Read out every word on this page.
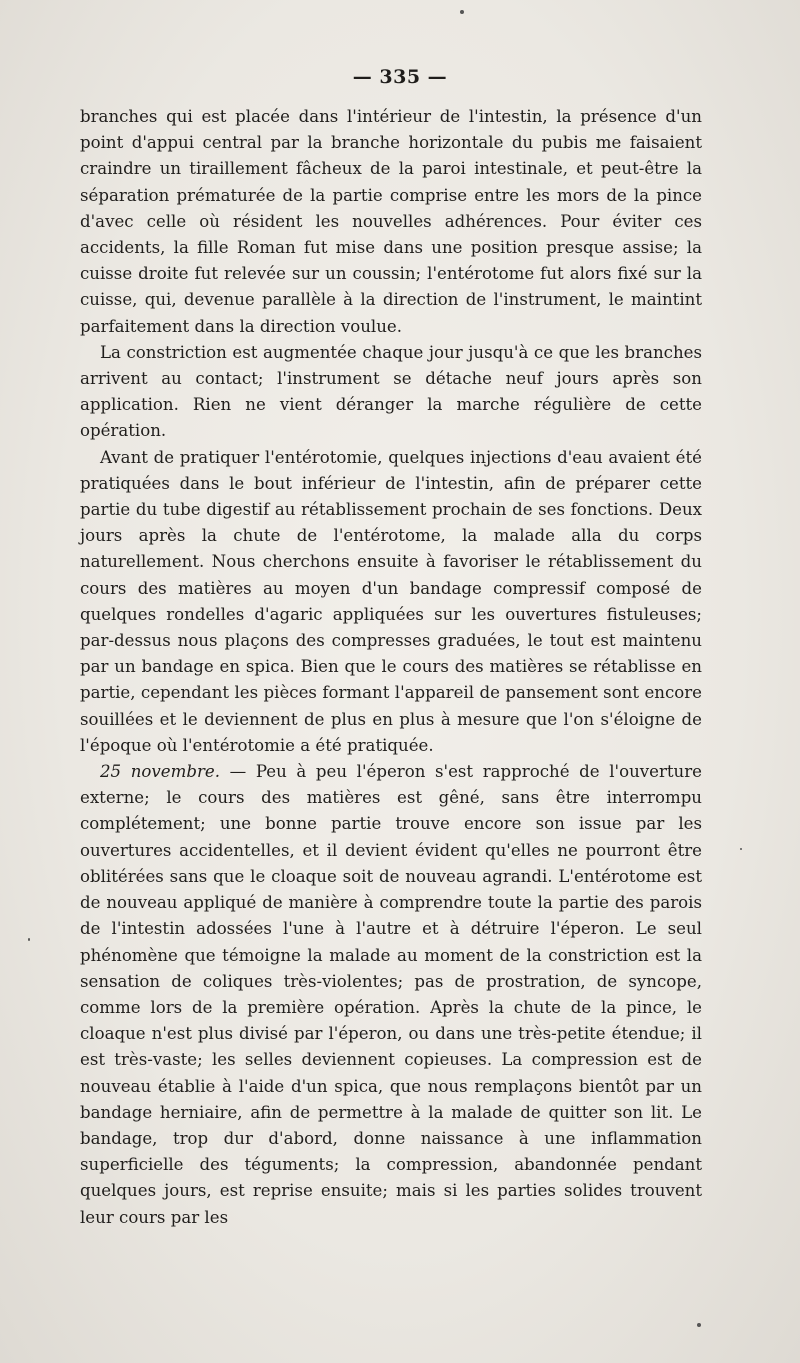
— 335 —

branches qui est placée dans l'intérieur de l'intestin, la présence d'un point d'appui central par la branche horizontale du pubis me faisaient craindre un tiraillement fâcheux de la paroi intestinale, et peut-être la séparation prématurée de la partie comprise entre les mors de la pince d'avec celle où résident les nouvelles adhérences. Pour éviter ces accidents, la fille Roman fut mise dans une position presque assise; la cuisse droite fut relevée sur un coussin; l'entérotome fut alors fixé sur la cuisse, qui, devenue parallèle à la direction de l'instrument, le maintint parfaitement dans la direction voulue.

La constriction est augmentée chaque jour jusqu'à ce que les branches arrivent au contact; l'instrument se détache neuf jours après son application. Rien ne vient déranger la marche régulière de cette opération.

Avant de pratiquer l'entérotomie, quelques injections d'eau avaient été pratiquées dans le bout inférieur de l'intestin, afin de préparer cette partie du tube digestif au rétablissement prochain de ses fonctions. Deux jours après la chute de l'entérotome, la malade alla du corps naturellement. Nous cherchons ensuite à favoriser le rétablissement du cours des matières au moyen d'un bandage compressif composé de quelques rondelles d'agaric appliquées sur les ouvertures fistuleuses; par-dessus nous plaçons des compresses graduées, le tout est maintenu par un bandage en spica. Bien que le cours des matières se rétablisse en partie, cependant les pièces formant l'appareil de pansement sont encore souillées et le deviennent de plus en plus à mesure que l'on s'éloigne de l'époque où l'entérotomie a été pratiquée.

25 novembre. — Peu à peu l'éperon s'est rapproché de l'ouverture externe; le cours des matières est gêné, sans être interrompu complétement; une bonne partie trouve encore son issue par les ouvertures accidentelles, et il devient évident qu'elles ne pourront être oblitérées sans que le cloaque soit de nouveau agrandi. L'entérotome est de nouveau appliqué de manière à comprendre toute la partie des parois de l'intestin adossées l'une à l'autre et à détruire l'éperon. Le seul phénomène que témoigne la malade au moment de la constriction est la sensation de coliques très-violentes; pas de prostration, de syncope, comme lors de la première opération. Après la chute de la pince, le cloaque n'est plus divisé par l'éperon, ou dans une très-petite étendue; il est très-vaste; les selles deviennent copieuses. La compression est de nouveau établie à l'aide d'un spica, que nous remplaçons bientôt par un bandage herniaire, afin de permettre à la malade de quitter son lit. Le bandage, trop dur d'abord, donne naissance à une inflammation superficielle des téguments; la compression, abandonnée pendant quelques jours, est reprise ensuite; mais si les parties solides trouvent leur cours par les
